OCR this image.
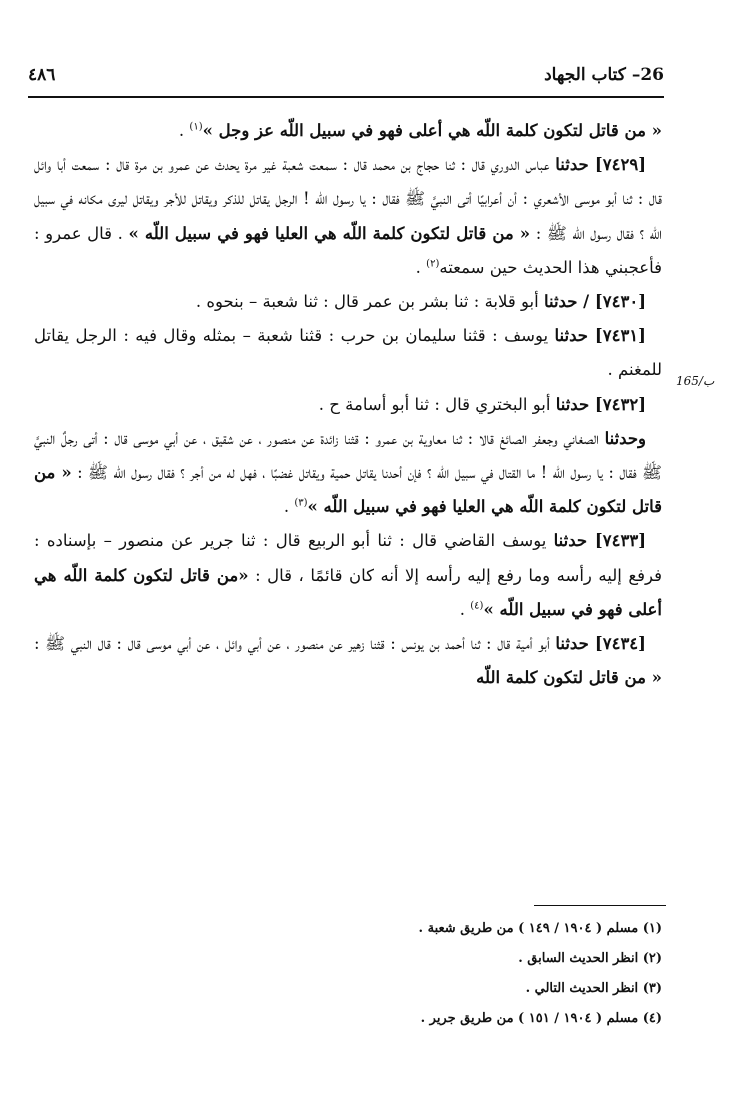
٤٨٦	26– كتاب الجهاد
165/ب

« من قاتل لتكون كلمة اللّه هي أعلى فهو في سبيل اللّه عز وجل »$^{(١)}$ .

[٧٤٢٩] حدثنا عباس الدوري قال : ثنا حجاج بن محمد قال : سمعت شعبة غير مرة يحدث عن عمرو بن مرة قال : سمعت أبا وائل قال : ثنا أبو موسى الأشعري : أن أعرابيًا أتى النبيَّ ﷺ فقال : يا رسول اللّه ! الرجل يقاتل للذكر ويقاتل للأجر ويقاتل ليرى مكانه في سبيل اللّه ؟ فقال رسول اللّه ﷺ : « من قاتل لتكون كلمة اللّه هي العليا فهو في سبيل اللّه » . قال عمرو : فأعجبني هذا الحديث حين سمعته$^{(٢)}$ .

[٧٤٣٠] / حدثنا أبو قلابة : ثنا بشر بن عمر قال : ثنا شعبة – بنحوه .

[٧٤٣١] حدثنا يوسف : قثنا سليمان بن حرب : قثنا شعبة – بمثله وقال فيه : الرجل يقاتل للمغنم .

[٧٤٣٢] حدثنا أبو البختري قال : ثنا أبو أسامة ح .

وحدثنا الصغاني وجعفر الصائغ قالا : ثنا معاوية بن عمرو : قثنا زائدة عن منصور ، عن شقيق ، عن أبي موسى قال : أتى رجلٌ النبيَّ ﷺ فقال : يا رسول اللّه ! ما القتال في سبيل اللّه ؟ فإن أحدنا يقاتل حمية ويقاتل غضبًا ، فهل له من أجر ؟ فقال رسول اللّه ﷺ : « من قاتل لتكون كلمة اللّه هي العليا فهو في سبيل اللّه »$^{(٣)}$ .

[٧٤٣٣] حدثنا يوسف القاضي قال : ثنا أبو الربيع قال : ثنا جرير عن منصور – بإسناده : فرفع إليه رأسه وما رفع إليه رأسه إلا أنه كان قائمًا ، قال : «من قاتل لتكون كلمة اللّه هي أعلى فهو في سبيل اللّه »$^{(٤)}$ .

[٧٤٣٤] حدثنا أبو أمية قال : ثنا أحمد بن يونس : قثنا زهير عن منصور ، عن أبي وائل ، عن أبي موسى قال : قال النبي ﷺ : « من قاتل لتكون كلمة اللّه

(١) مسلم ( ١٩٠٤ / ١٤٩ ) من طريق شعبة .

(٢) انظر الحديث السابق .

(٣) انظر الحديث التالي .

(٤) مسلم ( ١٩٠٤ / ١٥١ ) من طريق جرير .
